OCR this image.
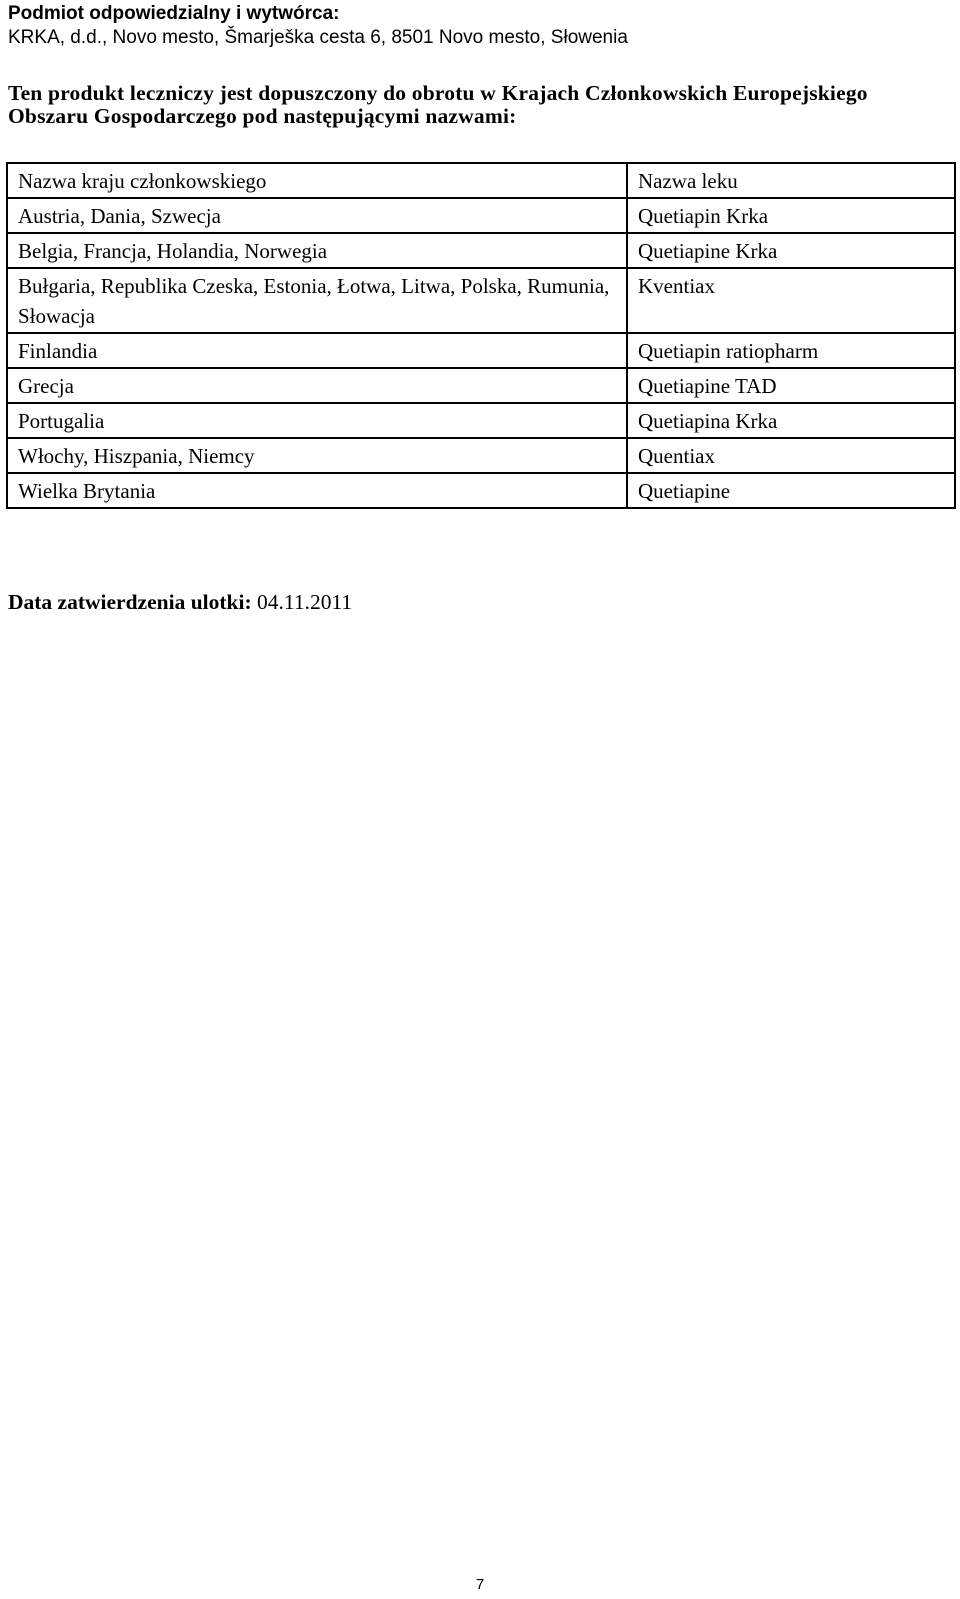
Podmiot odpowiedzialny i wytwórca:

KRKA, d.d., Novo mesto, Šmarješka cesta 6, 8501 Novo mesto, Słowenia

Ten produkt leczniczy jest dopuszczony do obrotu w Krajach Członkowskich Europejskiego
Obszaru Gospodarczego pod następującymi nazwami:
Nazwa kraju członkowskiego	Nazwa leku
Austria, Dania, Szwecja	Quetiapin Krka
Belgia, Francja, Holandia, Norwegia	Quetiapine Krka
Bułgaria, Republika Czeska, Estonia, Łotwa, Litwa, Polska, Rumunia, Słowacja	Kventiax
Finlandia	Quetiapin ratiopharm
Grecja	Quetiapine TAD
Portugalia	Quetiapina Krka
Włochy, Hiszpania, Niemcy	Quentiax
Wielka Brytania	Quetiapine
Data zatwierdzenia ulotki: 04.11.2011
7
